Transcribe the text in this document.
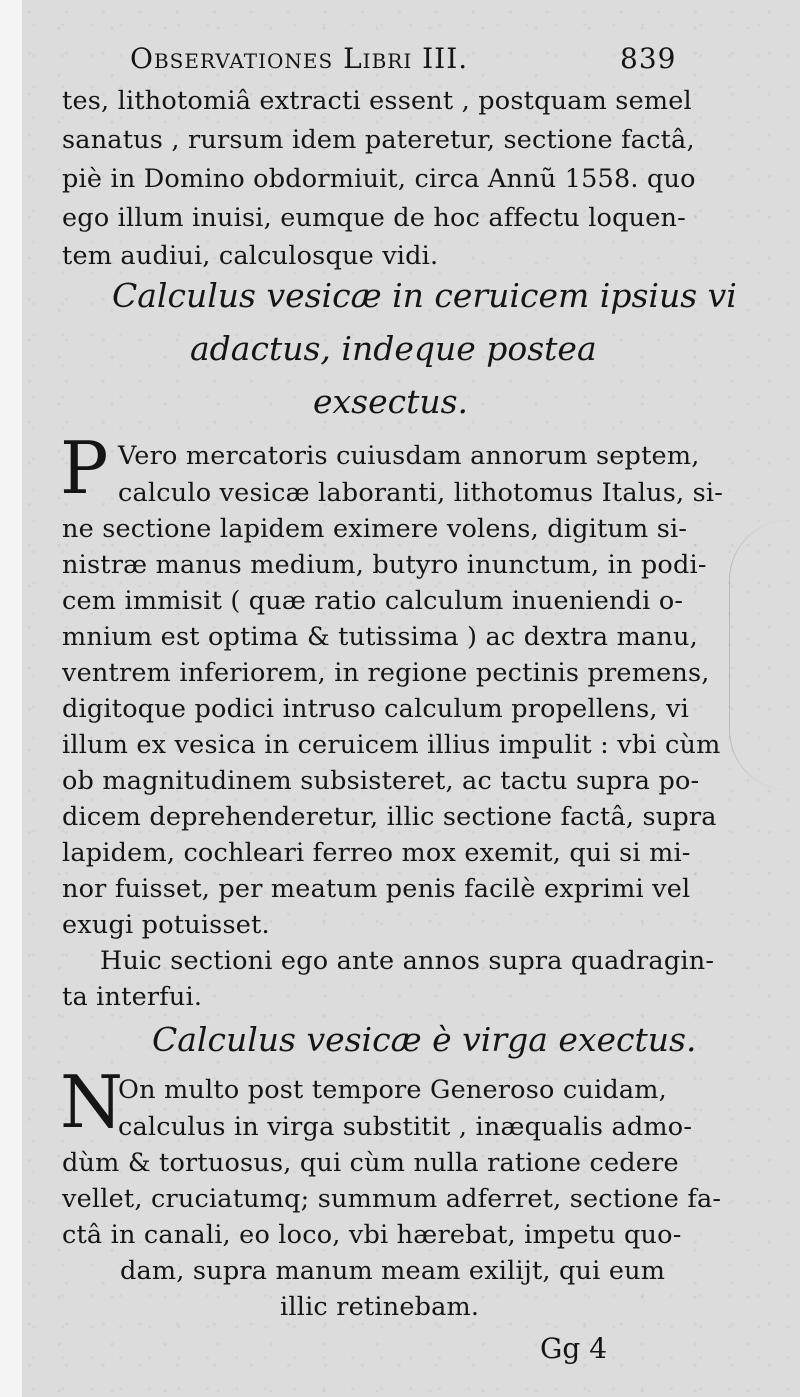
Observationes Libri III.	839
tes, lithotomiâ extracti essent , postquam semel
sanatus , rursum idem pateretur, sectione factâ,
piè in Domino obdormiuit, circa Annũ 1558. quo
ego illum inuisi, eumque de hoc affectu loquen-
tem audiui, calculosque vidi.
Calculus vesicæ in ceruicem ipsius vi
adactus, indeque postea
exsectus.
P Vero mercatoris cuiusdam annorum septem,
calculo vesicæ laboranti, lithotomus Italus, si-
ne sectione lapidem eximere volens, digitum si-
nistræ manus medium, butyro inunctum, in podi-
cem immisit ( quæ ratio calculum inueniendi o-
mnium est optima & tutissima ) ac dextra manu,
ventrem inferiorem, in regione pectinis premens,
digitoque podici intruso calculum propellens, vi
illum ex vesica in ceruicem illius impulit : vbi cùm
ob magnitudinem subsisteret, ac tactu supra po-
dicem deprehenderetur, illic sectione factâ, supra
lapidem, cochleari ferreo mox exemit, qui si mi-
nor fuisset, per meatum penis facilè exprimi vel
exugi potuisset.
Huic sectioni ego ante annos supra quadragin-
ta interfui.
Calculus vesicæ è virga exectus.
N
On multo post tempore Generoso cuidam,
calculus in virga substitit , inæqualis admo-
dùm & tortuosus, qui cùm nulla ratione cedere
vellet, cruciatumq; summum adferret, sectione fa-
ctâ in canali, eo loco, vbi hærebat, impetu quo-
dam, supra manum meam exilijt, qui eum
illic retinebam.
Gg 4
